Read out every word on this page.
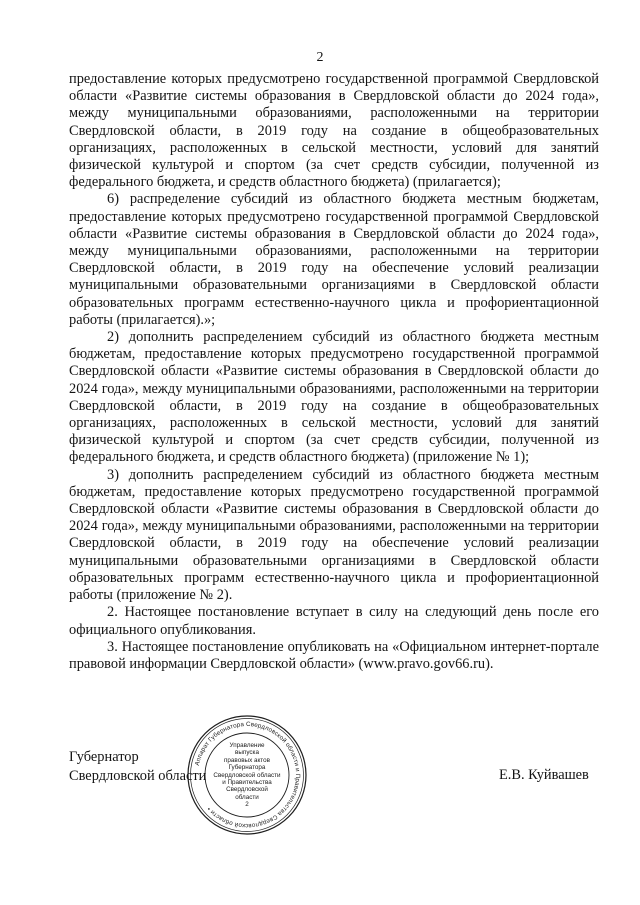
2

предоставление которых предусмотрено государственной программой Свердловской области «Развитие системы образования в Свердловской области до 2024 года», между муниципальными образованиями, расположенными на территории Свердловской области, в 2019 году на создание в общеобразовательных организациях, расположенных в сельской местности, условий для занятий физической культурой и спортом (за счет средств субсидии, полученной из федерального бюджета, и средств областного бюджета) (прилагается);

6) распределение субсидий из областного бюджета местным бюджетам, предоставление которых предусмотрено государственной программой Свердловской области «Развитие системы образования в Свердловской области до 2024 года», между муниципальными образованиями, расположенными на территории Свердловской области, в 2019 году на обеспечение условий реализации муниципальными образовательными организациями в Свердловской области образовательных программ естественно-научного цикла и профориентационной работы (прилагается).»;

2) дополнить распределением субсидий из областного бюджета местным бюджетам, предоставление которых предусмотрено государственной программой Свердловской области «Развитие системы образования в Свердловской области до 2024 года», между муниципальными образованиями, расположенными на территории Свердловской области, в 2019 году на создание в общеобразовательных организациях, расположенных в сельской местности, условий для занятий физической культурой и спортом (за счет средств субсидии, полученной из федерального бюджета, и средств областного бюджета) (приложение № 1);

3) дополнить распределением субсидий из областного бюджета местным бюджетам, предоставление которых предусмотрено государственной программой Свердловской области «Развитие системы образования в Свердловской области до 2024 года», между муниципальными образованиями, расположенными на территории Свердловской области, в 2019 году на обеспечение условий реализации муниципальными образовательными организациями в Свердловской области образовательных программ естественно-научного цикла и профориентационной работы (приложение № 2).

2. Настоящее постановление вступает в силу на следующий день после его официального опубликования.

3. Настоящее постановление опубликовать на «Официальном интернет-портале правовой информации Свердловской области» (www.pravo.gov66.ru).

Губернатор
Свердловской области	Е.В. Куйвашев
Аппарат Губернатора Свердловской области и Правительства Свердловской области •
Управление
выпуска
правовых актов
Губернатора
Свердловской области
и Правительства
Свердловской
области
2
